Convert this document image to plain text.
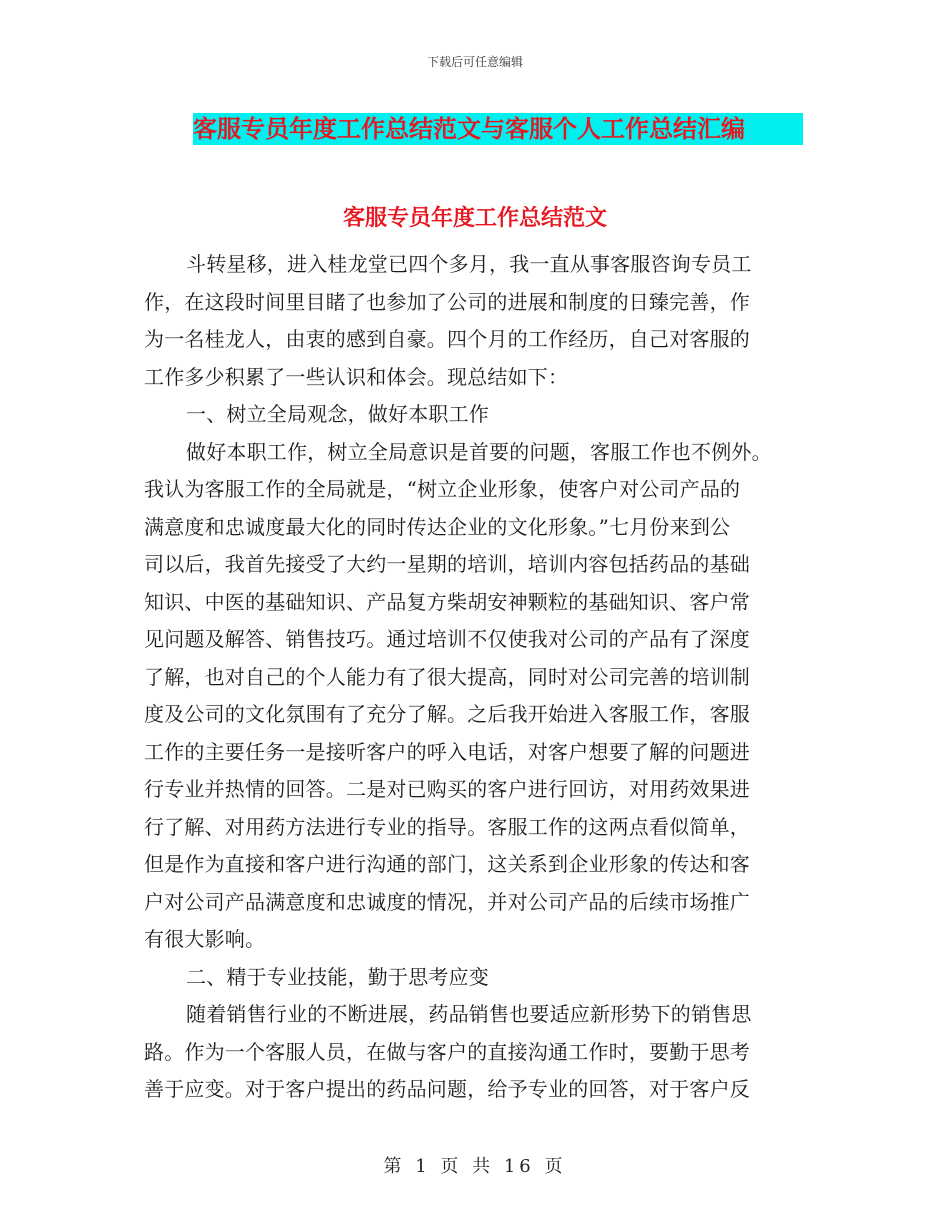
下载后可任意编辑
客服专员年度工作总结范文与客服个人工作总结汇编
客服专员年度工作总结范文
斗转星移，进入桂龙堂已四个多月，我一直从事客服咨询专员工
作，在这段时间里目睹了也参加了公司的进展和制度的日臻完善，作
为一名桂龙人，由衷的感到自豪。四个月的工作经历，自己对客服的
工作多少积累了一些认识和体会。现总结如下：
一、树立全局观念，做好本职工作
做好本职工作，树立全局意识是首要的问题，客服工作也不例外。
我认为客服工作的全局就是，“树立企业形象，使客户对公司产品的
满意度和忠诚度最大化的同时传达企业的文化形象。”七月份来到公
司以后，我首先接受了大约一星期的培训，培训内容包括药品的基础
知识、中医的基础知识、产品复方柴胡安神颗粒的基础知识、客户常
见问题及解答、销售技巧。通过培训不仅使我对公司的产品有了深度
了解，也对自己的个人能力有了很大提高，同时对公司完善的培训制
度及公司的文化氛围有了充分了解。之后我开始进入客服工作，客服
工作的主要任务一是接听客户的呼入电话，对客户想要了解的问题进
行专业并热情的回答。二是对已购买的客户进行回访，对用药效果进
行了解、对用药方法进行专业的指导。客服工作的这两点看似简单，
但是作为直接和客户进行沟通的部门，这关系到企业形象的传达和客
户对公司产品满意度和忠诚度的情况，并对公司产品的后续市场推广
有很大影响。
二、精于专业技能，勤于思考应变
随着销售行业的不断进展，药品销售也要适应新形势下的销售思
路。作为一个客服人员，在做与客户的直接沟通工作时，要勤于思考
善于应变。对于客户提出的药品问题，给予专业的回答，对于客户反
第 1 页 共 16 页
